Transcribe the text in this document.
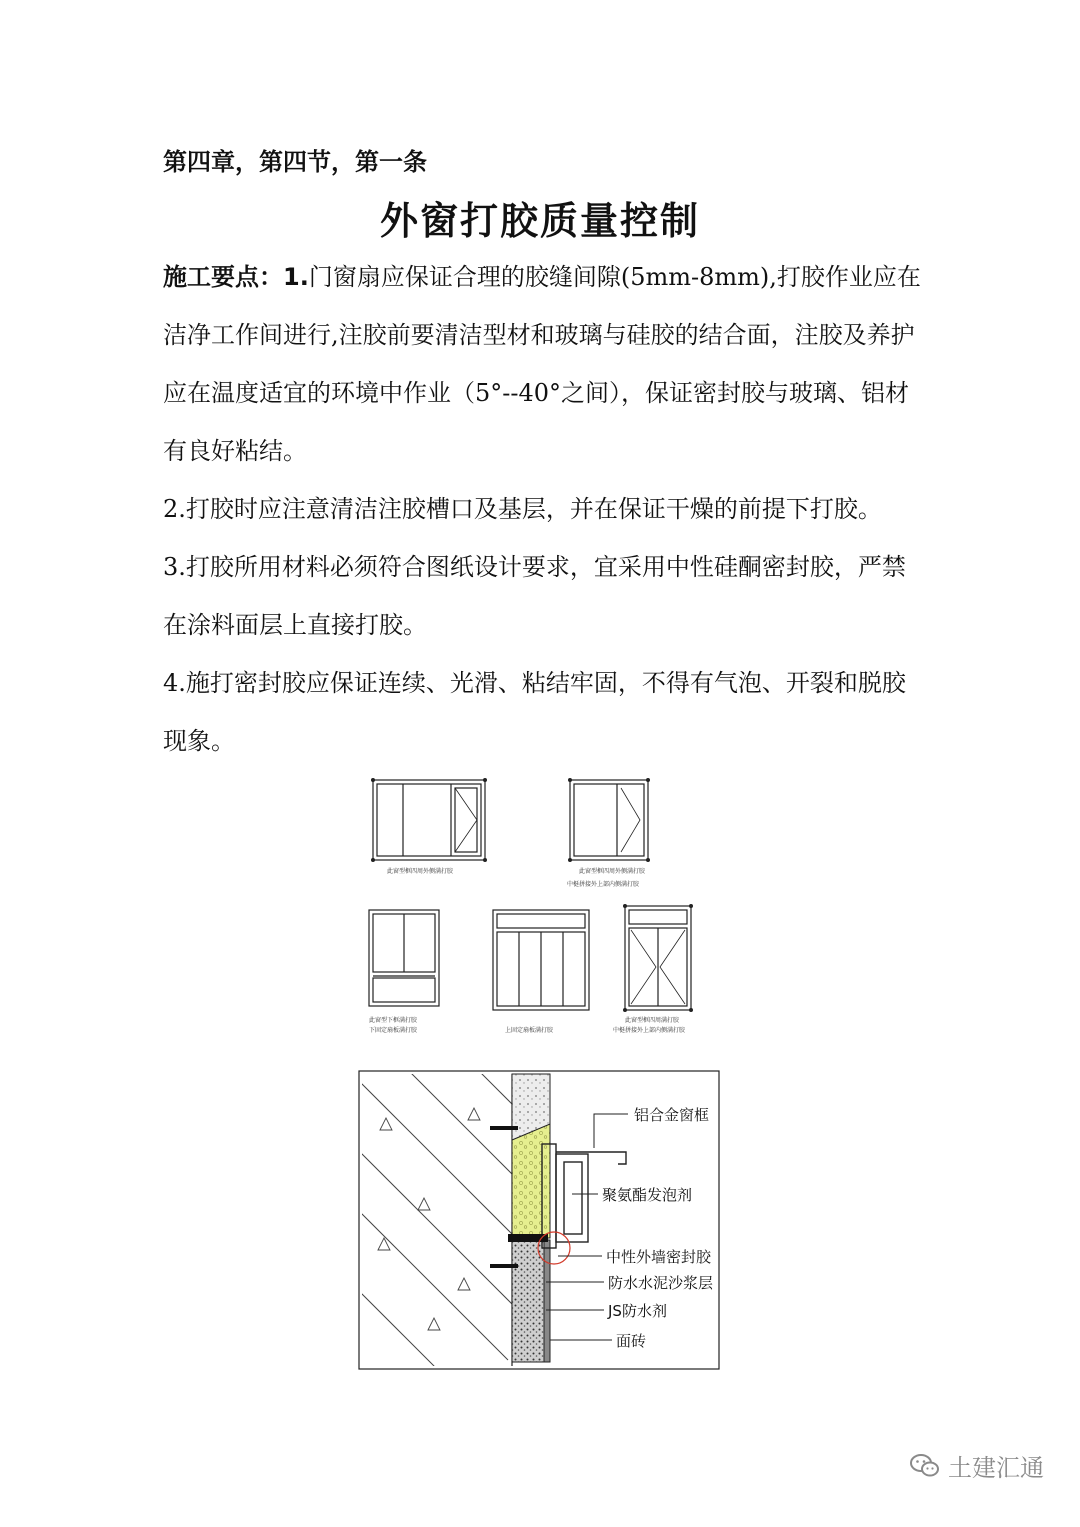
第四章，第四节，第一条
外窗打胶质量控制

施工要点：1.门窗扇应保证合理的胶缝间隙(5mm-8mm),打胶作业应在洁净工作间进行,注胶前要清洁型材和玻璃与硅胶的结合面，注胶及养护应在温度适宜的环境中作业（5°--40°之间），保证密封胶与玻璃、铝材有良好粘结。

2.打胶时应注意清洁注胶槽口及基层，并在保证干燥的前提下打胶。

3.打胶所用材料必须符合图纸设计要求，宜采用中性硅酮密封胶，严禁在涂料面层上直接打胶。

4.施打密封胶应保证连续、光滑、粘结牢固，不得有气泡、开裂和脱胶现象。

此窗型框四周外侧满打胶	此窗型框四周外侧满打胶
中梃拼接外上部内侧满打胶
此窗型下框满打胶
下固定扇板满打胶	上固定扇板满打胶
此窗型框四周满打胶
中梃拼接外上部内侧满打胶
铝合金窗框
聚氨酯发泡剂
中性外墙密封胶
防水水泥沙浆层
JS防水剂
面砖
土建汇通
